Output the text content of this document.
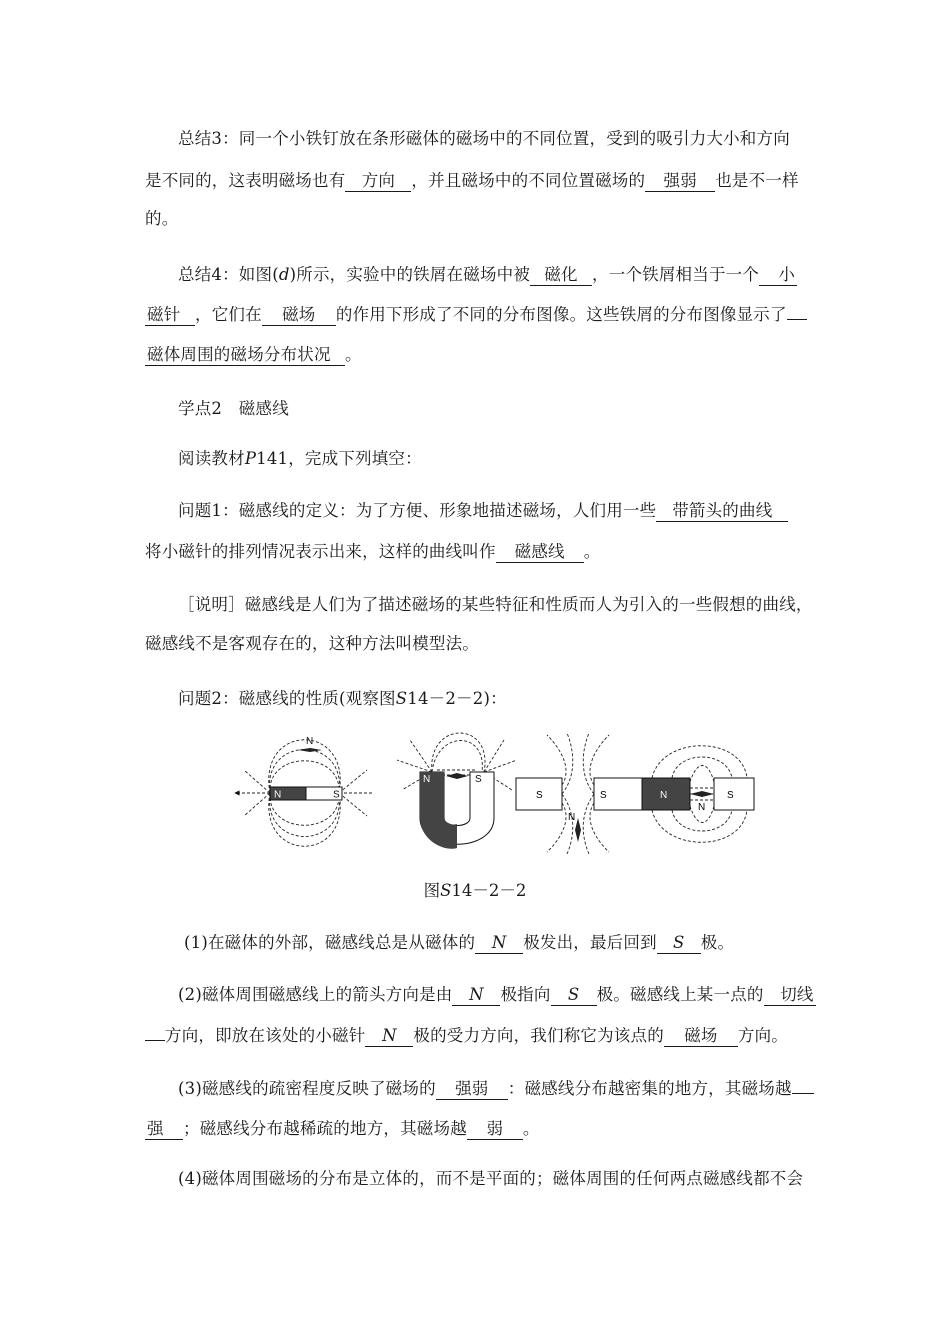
总结3：同一个小铁钉放在条形磁体的磁场中的不同位置，受到的吸引力大小和方向
是不同的，这表明磁场也有 方向 ，并且磁场中的不同位置磁场的 强弱 也是不一样
的。
总结4：如图(d)所示，实验中的铁屑在磁场中被 磁化 ，一个铁屑相当于一个 小
磁针 ，它们在 磁场 的作用下形成了不同的分布图像。这些铁屑的分布图像显示了
磁体周围的磁场分布状况 。
学点2　磁感线
阅读教材P141，完成下列填空：
问题1：磁感线的定义：为了方便、形象地描述磁场，人们用一些 带箭头的曲线
将小磁针的排列情况表示出来，这样的曲线叫作 磁感线 。
［说明］磁感线是人们为了描述磁场的某些特征和性质而人为引入的一些假想的曲线，
磁感线不是客观存在的，这种方法叫模型法。
问题2：磁感线的性质(观察图S14－2－2)：
N	S
N
N	S
S	S
N
N	S
N
图S14－2－2
(1)在磁体的外部，磁感线总是从磁体的 N 极发出，最后回到 S 极。
(2)磁体周围磁感线上的箭头方向是由 N 极指向 S 极。磁感线上某一点的 切线
方向，即放在该处的小磁针 N 极的受力方向，我们称它为该点的 磁场 方向。
(3)磁感线的疏密程度反映了磁场的 强弱 ：磁感线分布越密集的地方，其磁场越
强 ；磁感线分布越稀疏的地方，其磁场越 弱 。
(4)磁体周围磁场的分布是立体的，而不是平面的；磁体周围的任何两点磁感线都不会
